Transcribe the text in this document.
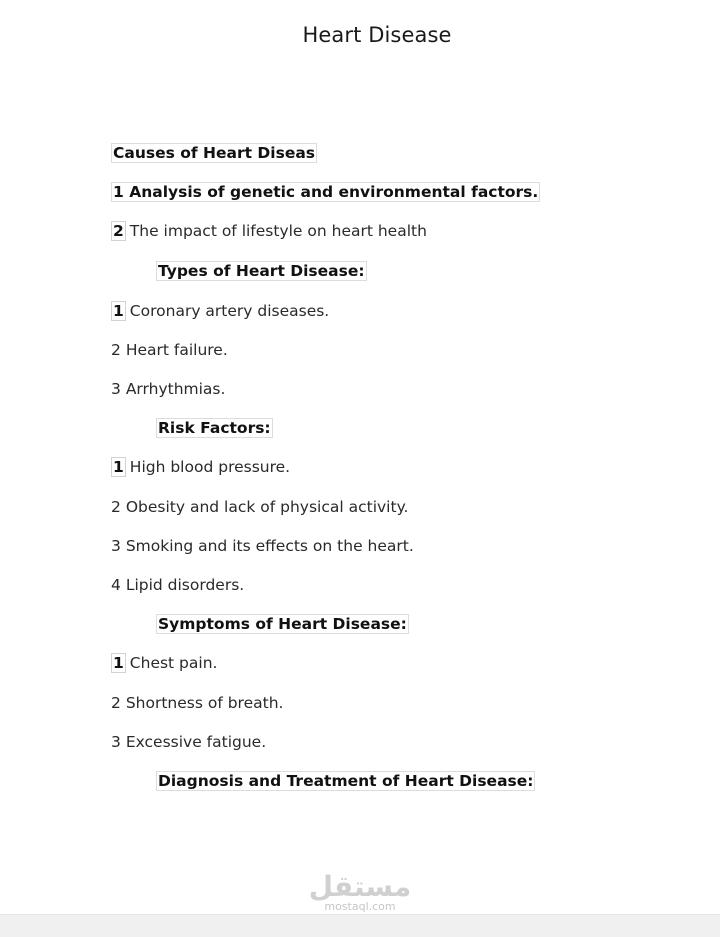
Heart Disease
Causes of Heart Diseas
1 Analysis of genetic and environmental factors.
2 The impact of lifestyle on heart health
Types of Heart Disease:
1 Coronary artery diseases.
2 Heart failure.
3 Arrhythmias.
Risk Factors:
1 High blood pressure.
2 Obesity and lack of physical activity.
3 Smoking and its effects on the heart.
4 Lipid disorders.
Symptoms of Heart Disease:
1 Chest pain.
2 Shortness of breath.
3 Excessive fatigue.
Diagnosis and Treatment of Heart Disease:
مستقل
mostaql.com
